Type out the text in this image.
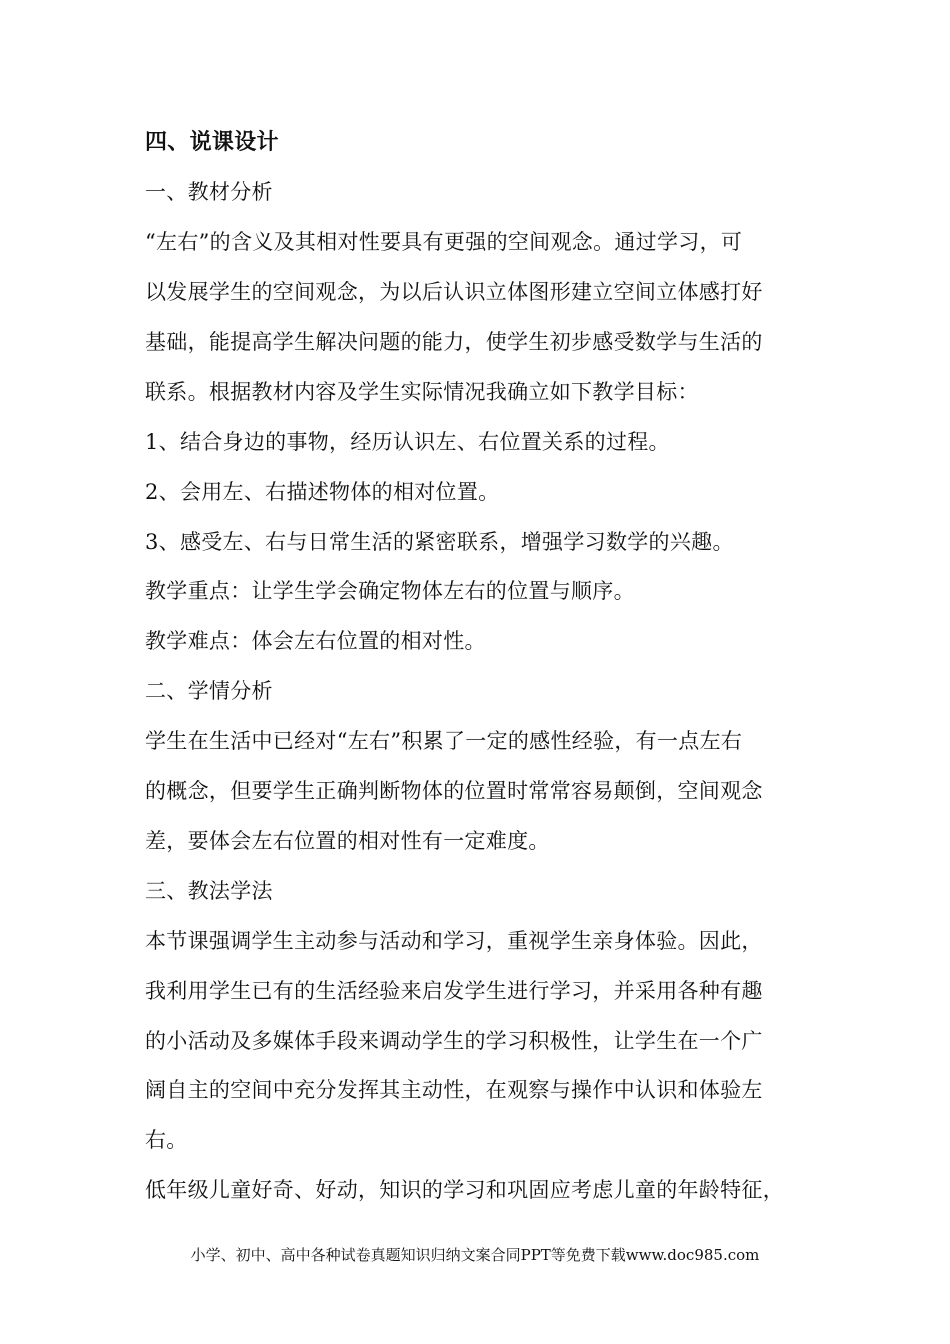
四、说课设计
一、教材分析
“左右”的含义及其相对性要具有更强的空间观念。通过学习，可
以发展学生的空间观念，为以后认识立体图形建立空间立体感打好
基础，能提高学生解决问题的能力，使学生初步感受数学与生活的
联系。根据教材内容及学生实际情况我确立如下教学目标：
1、结合身边的事物，经历认识左、右位置关系的过程。
2、会用左、右描述物体的相对位置。
3、感受左、右与日常生活的紧密联系，增强学习数学的兴趣。
教学重点：让学生学会确定物体左右的位置与顺序。
教学难点：体会左右位置的相对性。
二、学情分析
学生在生活中已经对“左右”积累了一定的感性经验，有一点左右
的概念，但要学生正确判断物体的位置时常常容易颠倒，空间观念
差，要体会左右位置的相对性有一定难度。
三、教法学法
本节课强调学生主动参与活动和学习，重视学生亲身体验。因此，
我利用学生已有的生活经验来启发学生进行学习，并采用各种有趣
的小活动及多媒体手段来调动学生的学习积极性，让学生在一个广
阔自主的空间中充分发挥其主动性，在观察与操作中认识和体验左
右。
低年级儿童好奇、好动，知识的学习和巩固应考虑儿童的年龄特征，
小学、初中、高中各种试卷真题知识归纳文案合同PPT等免费下载www.doc985.com
